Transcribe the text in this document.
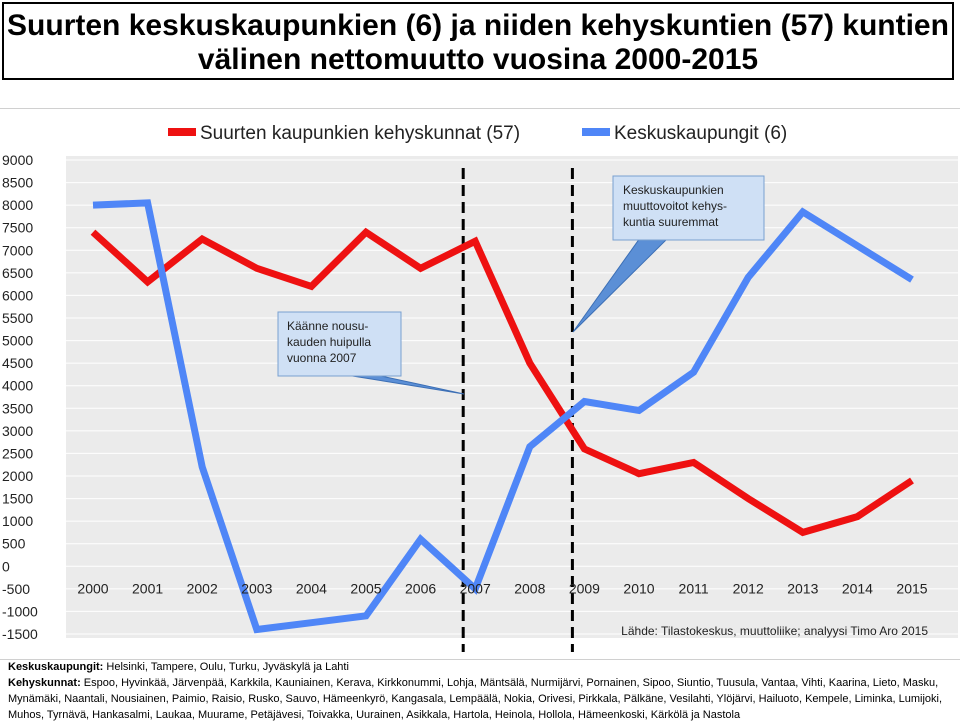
Suurten keskuskaupunkien (6) ja niiden kehyskuntien (57) kuntien välinen nettomuutto vuosina 2000-2015
9000
8500
8000
7500
7000
6500
6000
5500
5000
4500
4000
3500
3000
2500
2000
1500
1000
500
0
-500
-1000
-1500
2000 2001 2002 2003 2004 2005 2006 2007 2008 2009 2010 2011 2012 2013 2014 2015
Suurten kaupunkien kehyskunnat (57)	Keskuskaupungit (6)
Käänne nousu-
kauden huipulla
vuonna 2007
Keskuskaupunkien
muuttovoitot kehys-
kuntia suuremmat
Lähde: Tilastokeskus, muuttoliike; analyysi Timo Aro 2015
Keskuskaupungit: Helsinki, Tampere, Oulu, Turku, Jyväskylä ja Lahti
Kehyskunnat: Espoo, Hyvinkää, Järvenpää, Karkkila, Kauniainen, Kerava, Kirkkonummi, Lohja, Mäntsälä, Nurmijärvi, Pornainen, Sipoo, Siuntio, Tuusula, Vantaa, Vihti, Kaarina, Lieto, Masku, Mynämäki, Naantali, Nousiainen, Paimio, Raisio, Rusko, Sauvo, Hämeenkyrö, Kangasala, Lempäälä, Nokia, Orivesi, Pirkkala, Pälkäne, Vesilahti, Ylöjärvi, Hailuoto, Kempele, Liminka, Lumijoki, Muhos, Tyrnävä, Hankasalmi, Laukaa, Muurame, Petäjävesi, Toivakka, Uurainen, Asikkala, Hartola, Heinola, Hollola, Hämeenkoski, Kärkölä ja Nastola
